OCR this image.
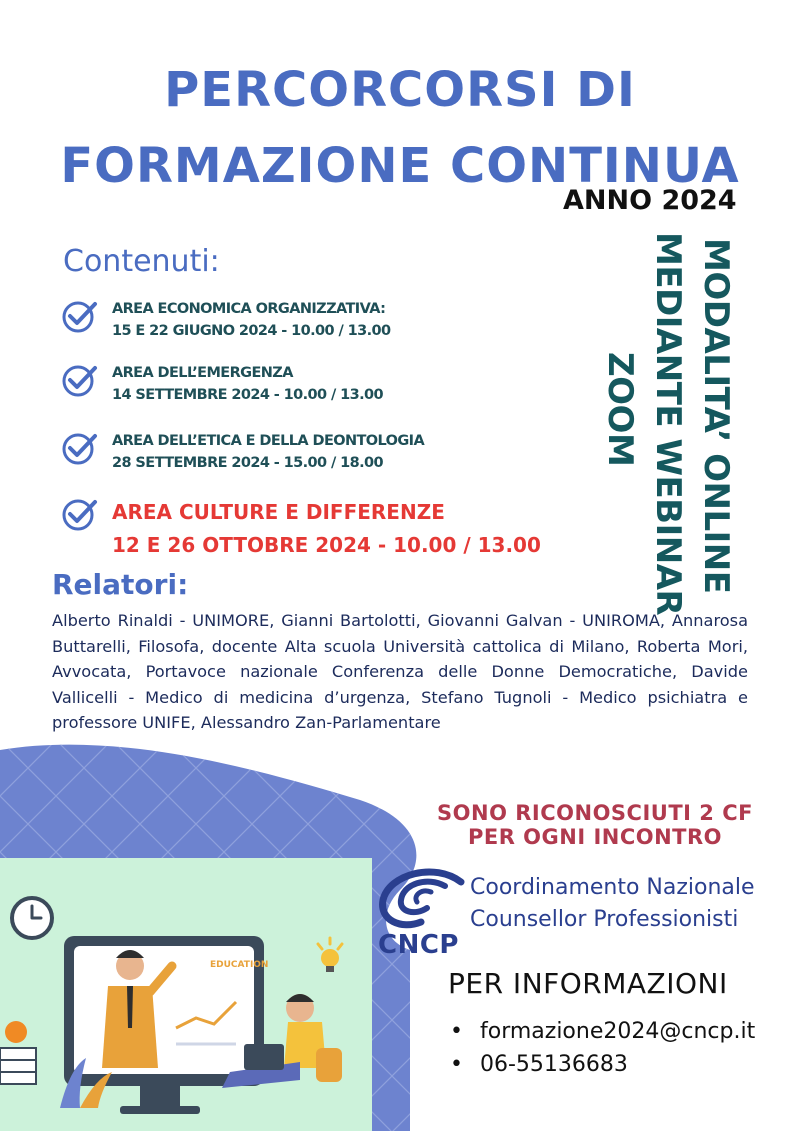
PERCORCORSI DI
FORMAZIONE CONTINUA
ANNO 2024
Contenuti:
AREA ECONOMICA ORGANIZZATIVA:
15 E 22 GIUGNO 2024 - 10.00 / 13.00
AREA DELL’EMERGENZA
14 SETTEMBRE 2024 - 10.00 / 13.00
AREA DELL’ETICA E DELLA DEONTOLOGIA
28 SETTEMBRE 2024 - 15.00 / 18.00
AREA CULTURE E DIFFERENZE
12 E 26 OTTOBRE 2024 - 10.00 / 13.00	MODALITA’ ONLINE
MEDIANTE WEBINAR
ZOOM
Relatori:
Alberto Rinaldi - UNIMORE, Gianni Bartolotti, Giovanni Galvan - UNIROMA, Annarosa Buttarelli, Filosofa, docente Alta scuola Università cattolica di Milano, Roberta Mori, Avvocata, Portavoce nazionale Conferenza delle Donne Democratiche, Davide Vallicelli - Medico di medicina d’urgenza, Stefano Tugnoli - Medico psichiatra e professore UNIFE, Alessandro Zan-Parlamentare
EDUCATION
SONO RICONOSCIUTI 2 CF
PER OGNI INCONTRO
CNCP
Coordinamento Nazionale
Counsellor Professionisti
PER INFORMAZIONI
• formazione2024@cncp.it
• 06-55136683
